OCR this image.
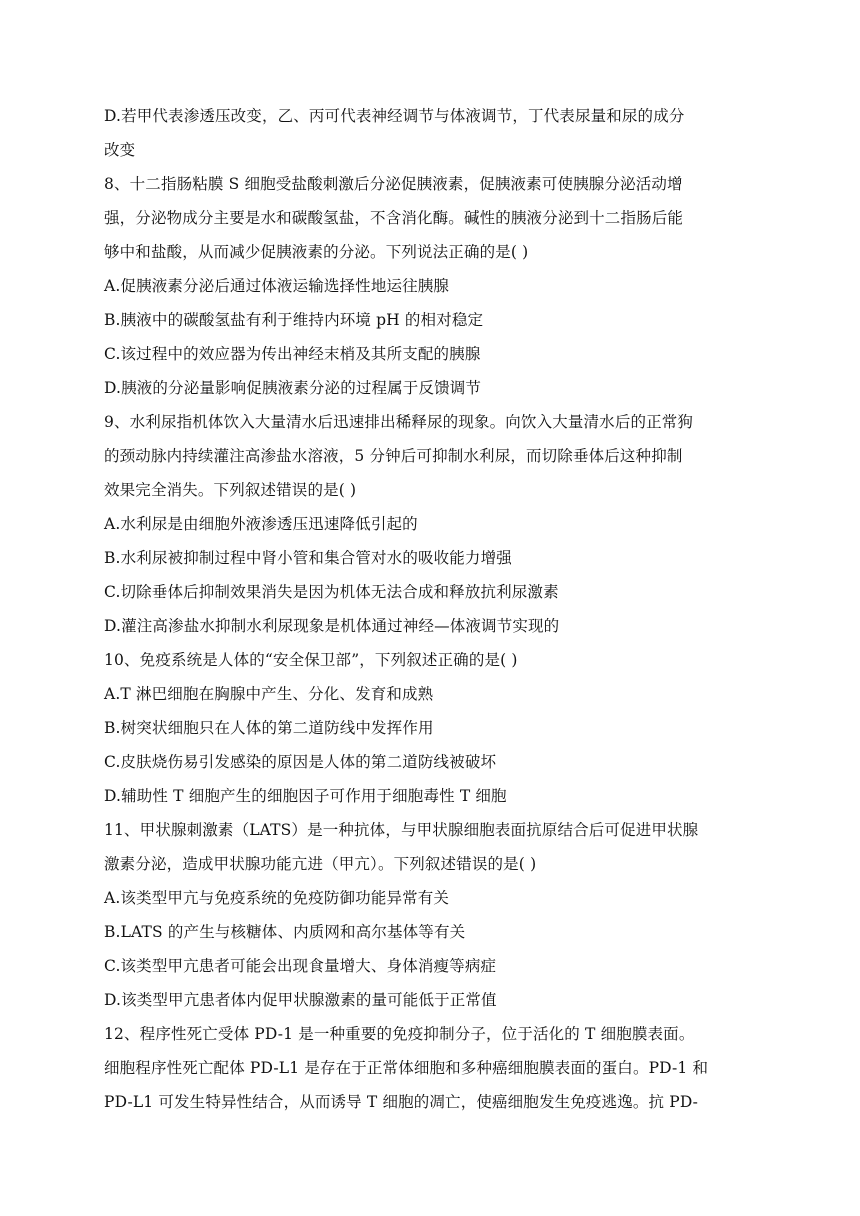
D.若甲代表渗透压改变，乙、丙可代表神经调节与体液调节，丁代表尿量和尿的成分
改变
8、十二指肠粘膜 S 细胞受盐酸刺激后分泌促胰液素，促胰液素可使胰腺分泌活动增
强，分泌物成分主要是水和碳酸氢盐，不含消化酶。碱性的胰液分泌到十二指肠后能
够中和盐酸，从而减少促胰液素的分泌。下列说法正确的是( )
A.促胰液素分泌后通过体液运输选择性地运往胰腺
B.胰液中的碳酸氢盐有利于维持内环境 pH 的相对稳定
C.该过程中的效应器为传出神经末梢及其所支配的胰腺
D.胰液的分泌量影响促胰液素分泌的过程属于反馈调节
9、水利尿指机体饮入大量清水后迅速排出稀释尿的现象。向饮入大量清水后的正常狗
的颈动脉内持续灌注高渗盐水溶液，5 分钟后可抑制水利尿，而切除垂体后这种抑制
效果完全消失。下列叙述错误的是( )
A.水利尿是由细胞外液渗透压迅速降低引起的
B.水利尿被抑制过程中肾小管和集合管对水的吸收能力增强
C.切除垂体后抑制效果消失是因为机体无法合成和释放抗利尿激素
D.灌注高渗盐水抑制水利尿现象是机体通过神经—体液调节实现的
10、免疫系统是人体的“安全保卫部”，下列叙述正确的是( )
A.T 淋巴细胞在胸腺中产生、分化、发育和成熟
B.树突状细胞只在人体的第二道防线中发挥作用
C.皮肤烧伤易引发感染的原因是人体的第二道防线被破坏
D.辅助性 T 细胞产生的细胞因子可作用于细胞毒性 T 细胞
11、甲状腺刺激素（LATS）是一种抗体，与甲状腺细胞表面抗原结合后可促进甲状腺
激素分泌，造成甲状腺功能亢进（甲亢）。下列叙述错误的是( )
A.该类型甲亢与免疫系统的免疫防御功能异常有关
B.LATS 的产生与核糖体、内质网和高尔基体等有关
C.该类型甲亢患者可能会出现食量增大、身体消瘦等病症
D.该类型甲亢患者体内促甲状腺激素的量可能低于正常值
12、程序性死亡受体 PD-1 是一种重要的免疫抑制分子，位于活化的 T 细胞膜表面。
细胞程序性死亡配体 PD-L1 是存在于正常体细胞和多种癌细胞膜表面的蛋白。PD-1 和
PD-L1 可发生特异性结合，从而诱导 T 细胞的凋亡，使癌细胞发生免疫逃逸。抗 PD-
